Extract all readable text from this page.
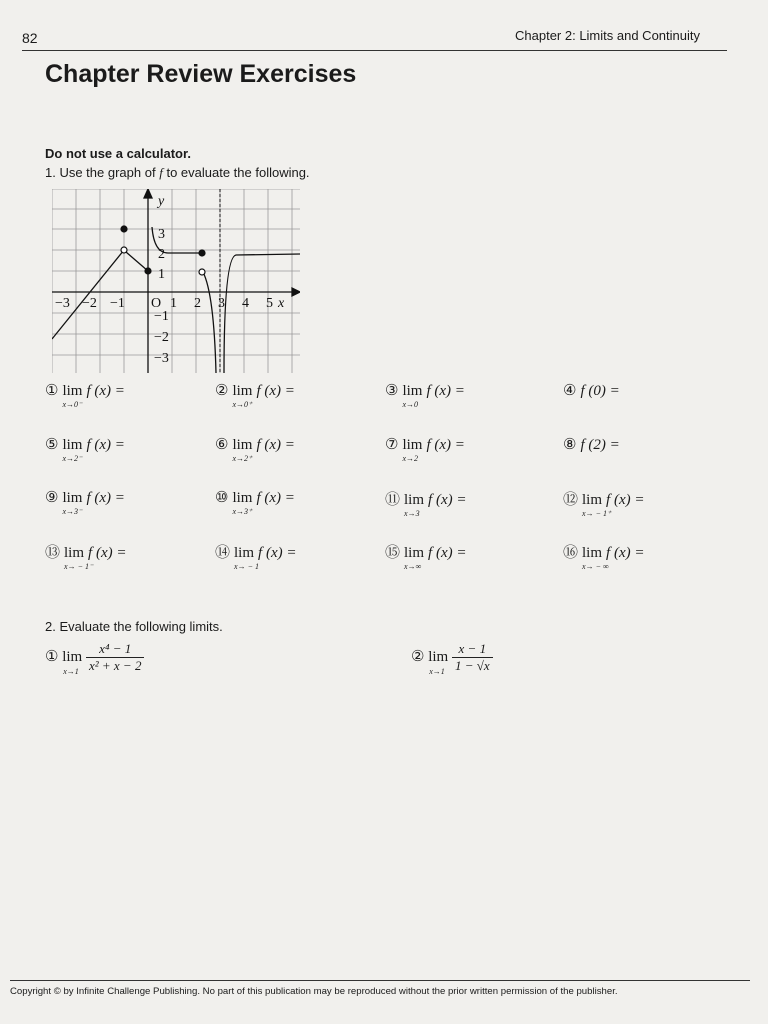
82	Chapter 2: Limits and Continuity
Chapter Review Exercises
Do not use a calculator.
1. Use the graph of f to evaluate the following.
y
x
−3 −2 −1 O 1 2 3 4 5
3
2
1
−1
−2
−3
① lim
x→0⁻
f (x) =	② lim
x→0⁺
f (x) =	③ lim
x→0
f (x) =	④ f (0) =
⑤ lim
x→2⁻
f (x) =	⑥ lim
x→2⁺
f (x) =	⑦ lim
x→2
f (x) =	⑧ f (2) =
⑨ lim
x→3⁻
f (x) =	⑩ lim
x→3⁺
f (x) =	⑪ lim
x→3
f (x) =	⑫ lim
x→ − 1⁺
f (x) =
⑬ lim
x→ − 1⁻
f (x) =	⑭ lim
x→ − 1
f (x) =	⑮ lim
x→∞
f (x) =	⑯ lim
x→ − ∞
f (x) =
2. Evaluate the following limits.
① lim
x→1
$\frac{\text{x⁴ − 1}}{\text{x² + x − 2}}$	② lim
x→1
$\frac{x - 1}{1 - √x}$
Copyright © by Infinite Challenge Publishing. No part of this publication may be reproduced without the prior written permission of the publisher.
